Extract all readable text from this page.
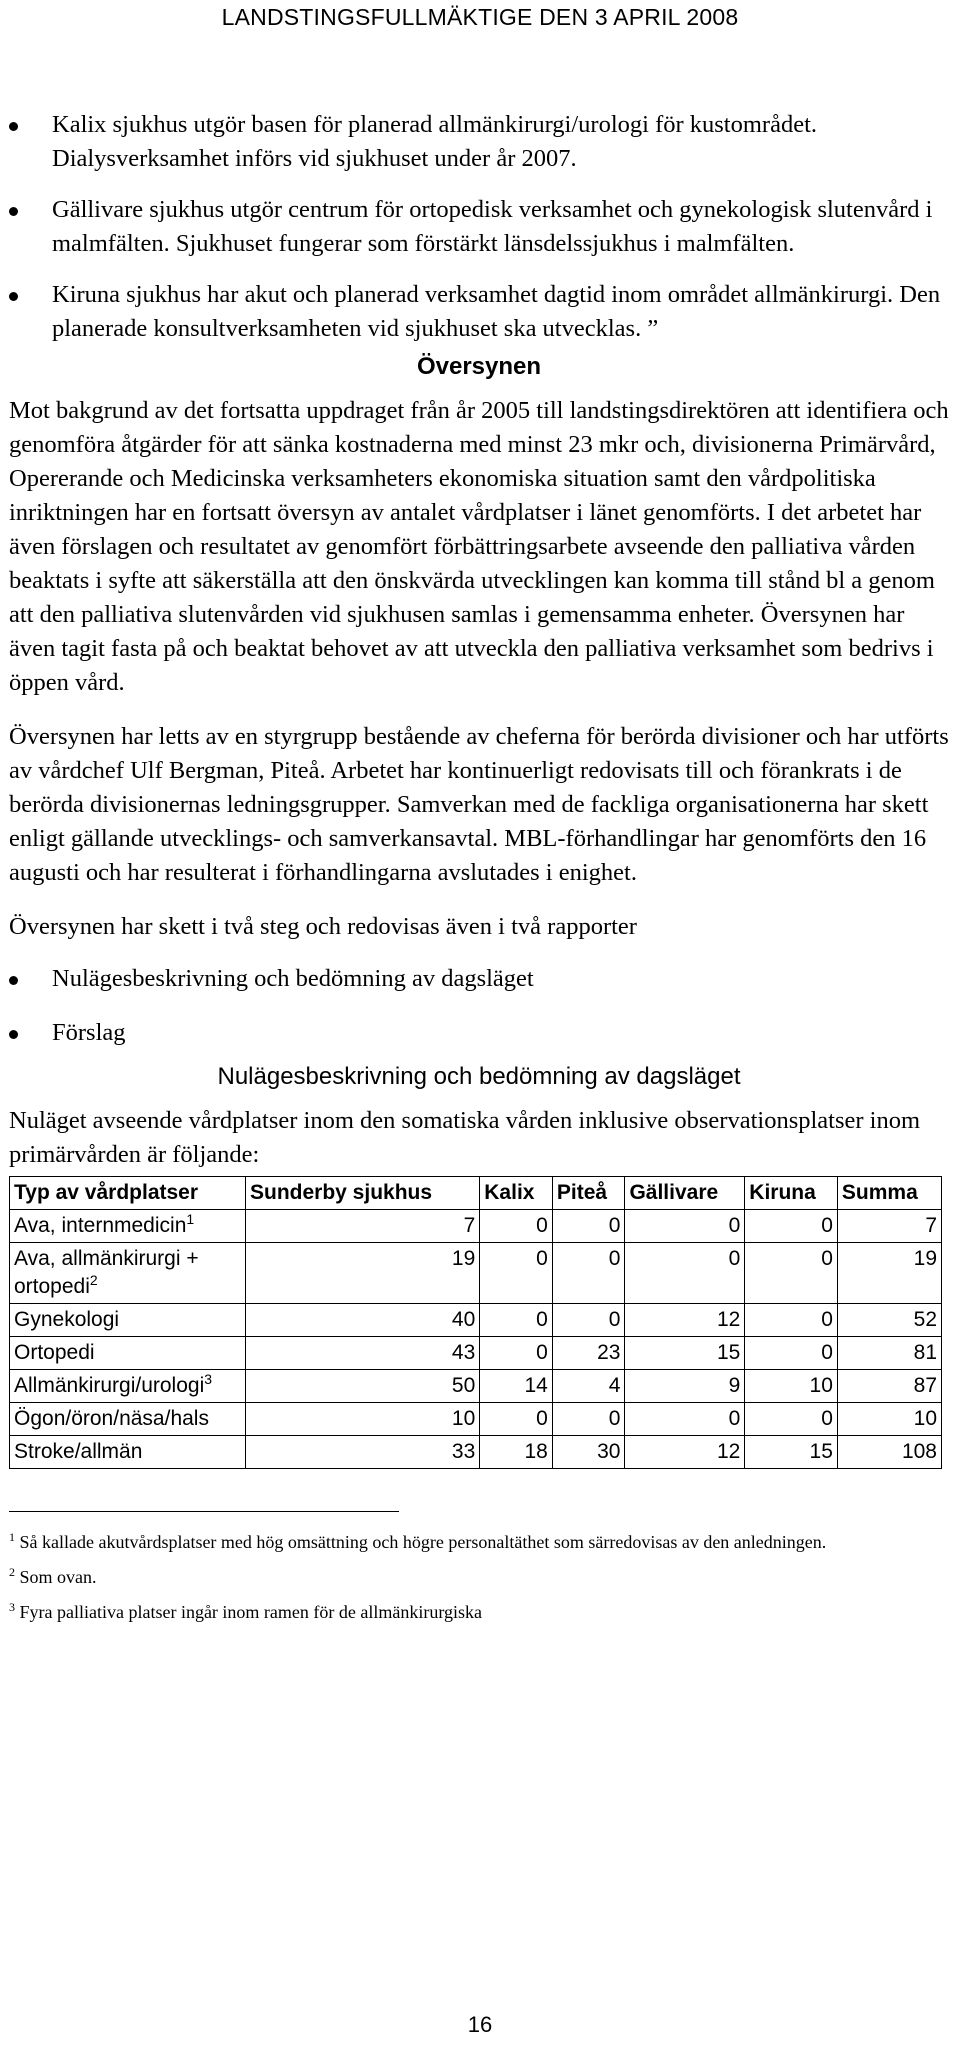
LANDSTINGSFULLMÄKTIGE DEN 3 APRIL 2008
Kalix sjukhus utgör basen för planerad allmänkirurgi/urologi för kustområdet. Dialysverksamhet införs vid sjukhuset under år 2007.
Gällivare sjukhus utgör centrum för ortopedisk verksamhet och gynekologisk slutenvård i malmfälten. Sjukhuset fungerar som förstärkt länsdelssjukhus i malmfälten.
Kiruna sjukhus har akut och planerad verksamhet dagtid inom området allmänkirurgi. Den planerade konsultverksamheten vid sjukhuset ska utvecklas. ”
Översynen

Mot bakgrund av det fortsatta uppdraget från år 2005 till landstingsdirektören att identifiera och genomföra åtgärder för att sänka kostnaderna med minst 23 mkr och, divisionerna Primärvård, Opererande och Medicinska verksamheters ekonomiska situation samt den vårdpolitiska inriktningen har en fortsatt översyn av antalet vårdplatser i länet genomförts. I det arbetet har även förslagen och resultatet av genomfört förbättringsarbete avseende den palliativa vården beaktats i syfte att säkerställa att den önskvärda utvecklingen kan komma till stånd bl a genom att den palliativa slutenvården vid sjukhusen samlas i gemensamma enheter. Översynen har även tagit fasta på och beaktat behovet av att utveckla den palliativa verksamhet som bedrivs i öppen vård.

Översynen har letts av en styrgrupp bestående av cheferna för berörda divisioner och har utförts av vårdchef Ulf Bergman, Piteå. Arbetet har kontinuerligt redovisats till och förankrats i de berörda divisionernas ledningsgrupper. Samverkan med de fackliga organisationerna har skett enligt gällande utvecklings- och samverkansavtal. MBL-förhandlingar har genomförts den 16 augusti och har resulterat i förhandlingarna avslutades i enighet.

Översynen har skett i två steg och redovisas även i två rapporter

Nulägesbeskrivning och bedömning av dagsläget
Förslag
Nulägesbeskrivning och bedömning av dagsläget

Nuläget avseende vårdplatser inom den somatiska vården inklusive observationsplatser inom primärvården är följande:

Typ av vårdplatser	Sunderby sjukhus	Kalix	Piteå	Gällivare	Kiruna	Summa
Ava, internmedicin$^1$	7	0	0	0	0	7
Ava, allmänkirurgi + ortopedi$^2$	19	0	0	0	0	19
Gynekologi	40	0	0	12	0	52
Ortopedi	43	0	23	15	0	81
Allmänkirurgi/urologi$^3$	50	14	4	9	10	87
Ögon/öron/näsa/hals	10	0	0	0	0	10
Stroke/allmän	33	18	30	12	15	108

$^1$ Så kallade akutvårdsplatser med hög omsättning och högre personaltäthet som särredovisas av den anledningen.

$^2$ Som ovan.

$^3$ Fyra palliativa platser ingår inom ramen för de allmänkirurgiska

16
